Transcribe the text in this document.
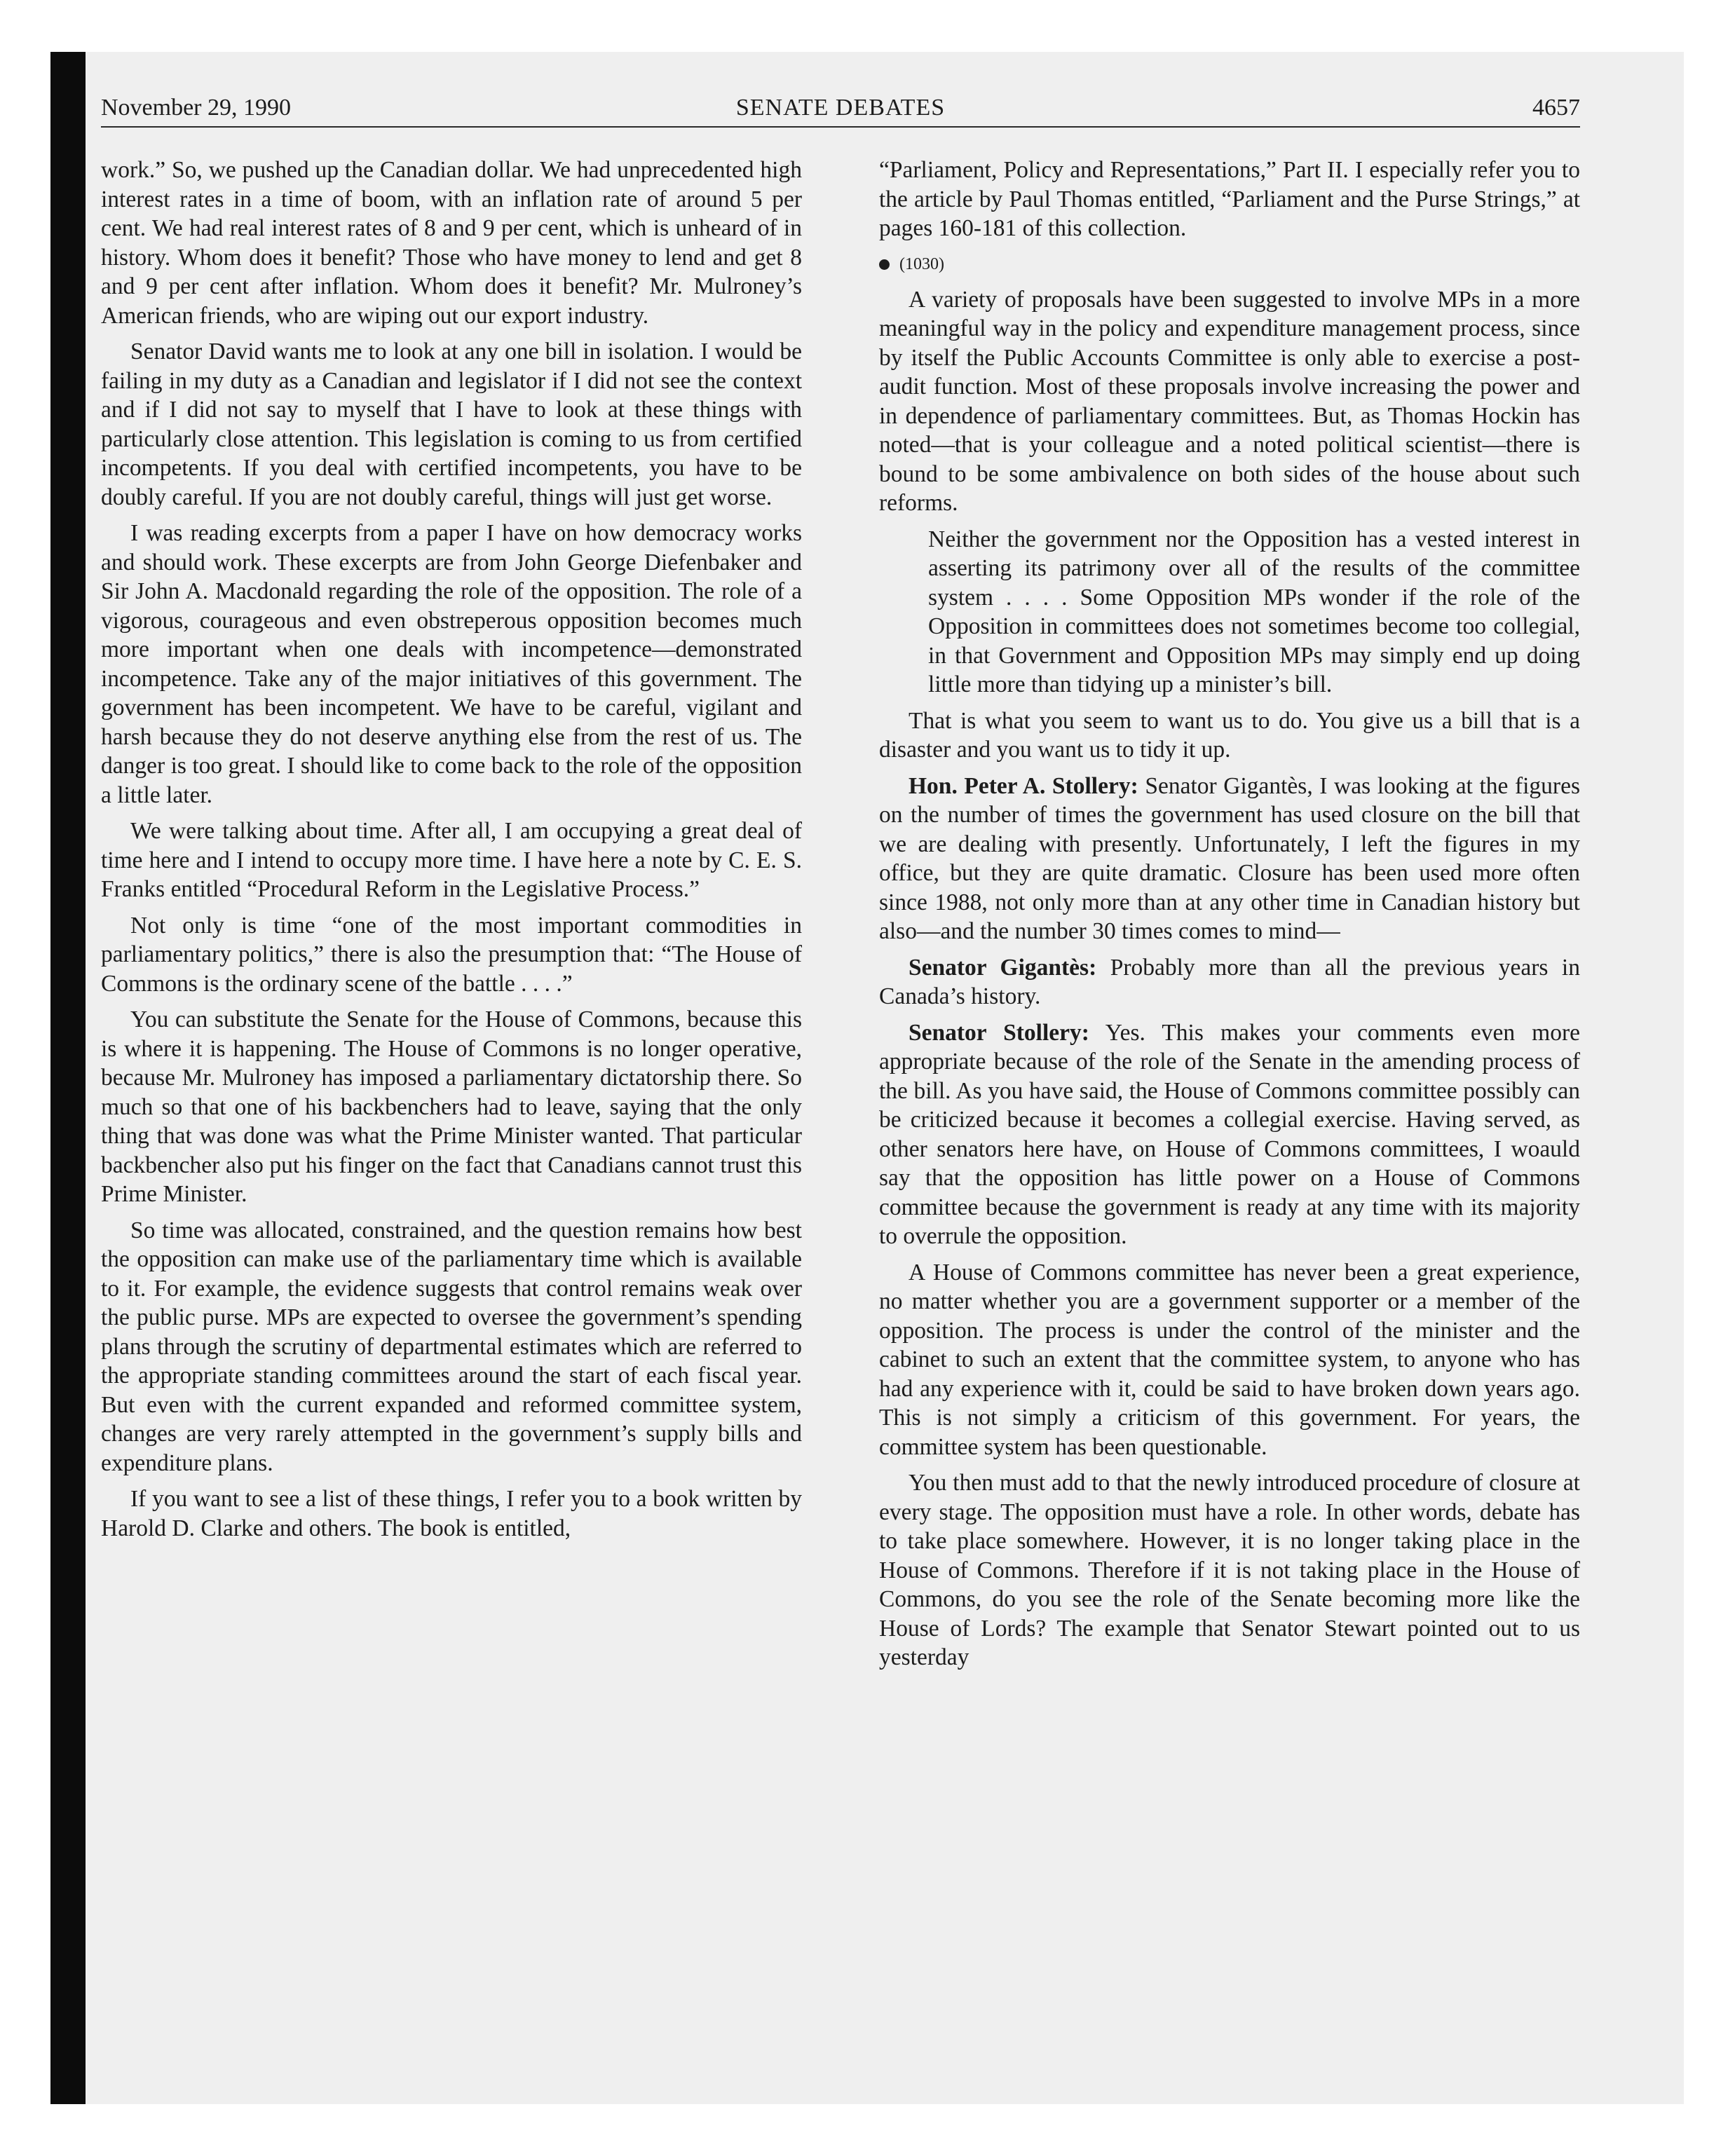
November 29, 1990	SENATE DEBATES	4657

work.” So, we pushed up the Canadian dollar. We had unprecedented high interest rates in a time of boom, with an inflation rate of around 5 per cent. We had real interest rates of 8 and 9 per cent, which is unheard of in history. Whom does it benefit? Those who have money to lend and get 8 and 9 per cent after inflation. Whom does it benefit? Mr. Mulroney’s American friends, who are wiping out our export industry.

Senator David wants me to look at any one bill in isolation. I would be failing in my duty as a Canadian and legislator if I did not see the context and if I did not say to myself that I have to look at these things with particularly close attention. This legislation is coming to us from certified incompetents. If you deal with certified incompetents, you have to be doubly careful. If you are not doubly careful, things will just get worse.

I was reading excerpts from a paper I have on how democracy works and should work. These excerpts are from John George Diefenbaker and Sir John A. Macdonald regarding the role of the opposition. The role of a vigorous, courageous and even obstreperous opposition becomes much more important when one deals with incompetence—demonstrated incompetence. Take any of the major initiatives of this government. The government has been incompetent. We have to be careful, vigilant and harsh because they do not deserve anything else from the rest of us. The danger is too great. I should like to come back to the role of the opposition a little later.

We were talking about time. After all, I am occupying a great deal of time here and I intend to occupy more time. I have here a note by C. E. S. Franks entitled “Procedural Reform in the Legislative Process.”

Not only is time “one of the most important commodities in parliamentary politics,” there is also the presumption that: “The House of Commons is the ordinary scene of the battle . . . .”

You can substitute the Senate for the House of Commons, because this is where it is happening. The House of Commons is no longer operative, because Mr. Mulroney has imposed a parliamentary dictatorship there. So much so that one of his backbenchers had to leave, saying that the only thing that was done was what the Prime Minister wanted. That particular backbencher also put his finger on the fact that Canadians cannot trust this Prime Minister.

So time was allocated, constrained, and the question remains how best the opposition can make use of the parliamentary time which is available to it. For example, the evidence suggests that control remains weak over the public purse. MPs are expected to oversee the government’s spending plans through the scrutiny of departmental estimates which are referred to the appropriate standing committees around the start of each fiscal year. But even with the current expanded and reformed committee system, changes are very rarely attempted in the government’s supply bills and expenditure plans.

If you want to see a list of these things, I refer you to a book written by Harold D. Clarke and others. The book is entitled,

“Parliament, Policy and Representations,” Part II. I especially refer you to the article by Paul Thomas entitled, “Parliament and the Purse Strings,” at pages 160-181 of this collection.

(1030)

A variety of proposals have been suggested to involve MPs in a more meaningful way in the policy and expenditure management process, since by itself the Public Accounts Committee is only able to exercise a post-audit function. Most of these proposals involve increasing the power and in dependence of parliamentary committees. But, as Thomas Hockin has noted—that is your colleague and a noted political scientist—there is bound to be some ambivalence on both sides of the house about such reforms.

Neither the government nor the Opposition has a vested interest in asserting its patrimony over all of the results of the committee system . . . . Some Opposition MPs wonder if the role of the Opposition in committees does not sometimes become too collegial, in that Government and Opposition MPs may simply end up doing little more than tidying up a minister’s bill.

That is what you seem to want us to do. You give us a bill that is a disaster and you want us to tidy it up.

Hon. Peter A. Stollery: Senator Gigantès, I was looking at the figures on the number of times the government has used closure on the bill that we are dealing with presently. Unfortunately, I left the figures in my office, but they are quite dramatic. Closure has been used more often since 1988, not only more than at any other time in Canadian history but also—and the number 30 times comes to mind—

Senator Gigantès: Probably more than all the previous years in Canada’s history.

Senator Stollery: Yes. This makes your comments even more appropriate because of the role of the Senate in the amending process of the bill. As you have said, the House of Commons committee possibly can be criticized because it becomes a collegial exercise. Having served, as other senators here have, on House of Commons committees, I woauld say that the opposition has little power on a House of Commons committee because the government is ready at any time with its majority to overrule the opposition.

A House of Commons committee has never been a great experience, no matter whether you are a government supporter or a member of the opposition. The process is under the control of the minister and the cabinet to such an extent that the committee system, to anyone who has had any experience with it, could be said to have broken down years ago. This is not simply a criticism of this government. For years, the committee system has been questionable.

You then must add to that the newly introduced procedure of closure at every stage. The opposition must have a role. In other words, debate has to take place somewhere. However, it is no longer taking place in the House of Commons. Therefore if it is not taking place in the House of Commons, do you see the role of the Senate becoming more like the House of Lords? The example that Senator Stewart pointed out to us yesterday
